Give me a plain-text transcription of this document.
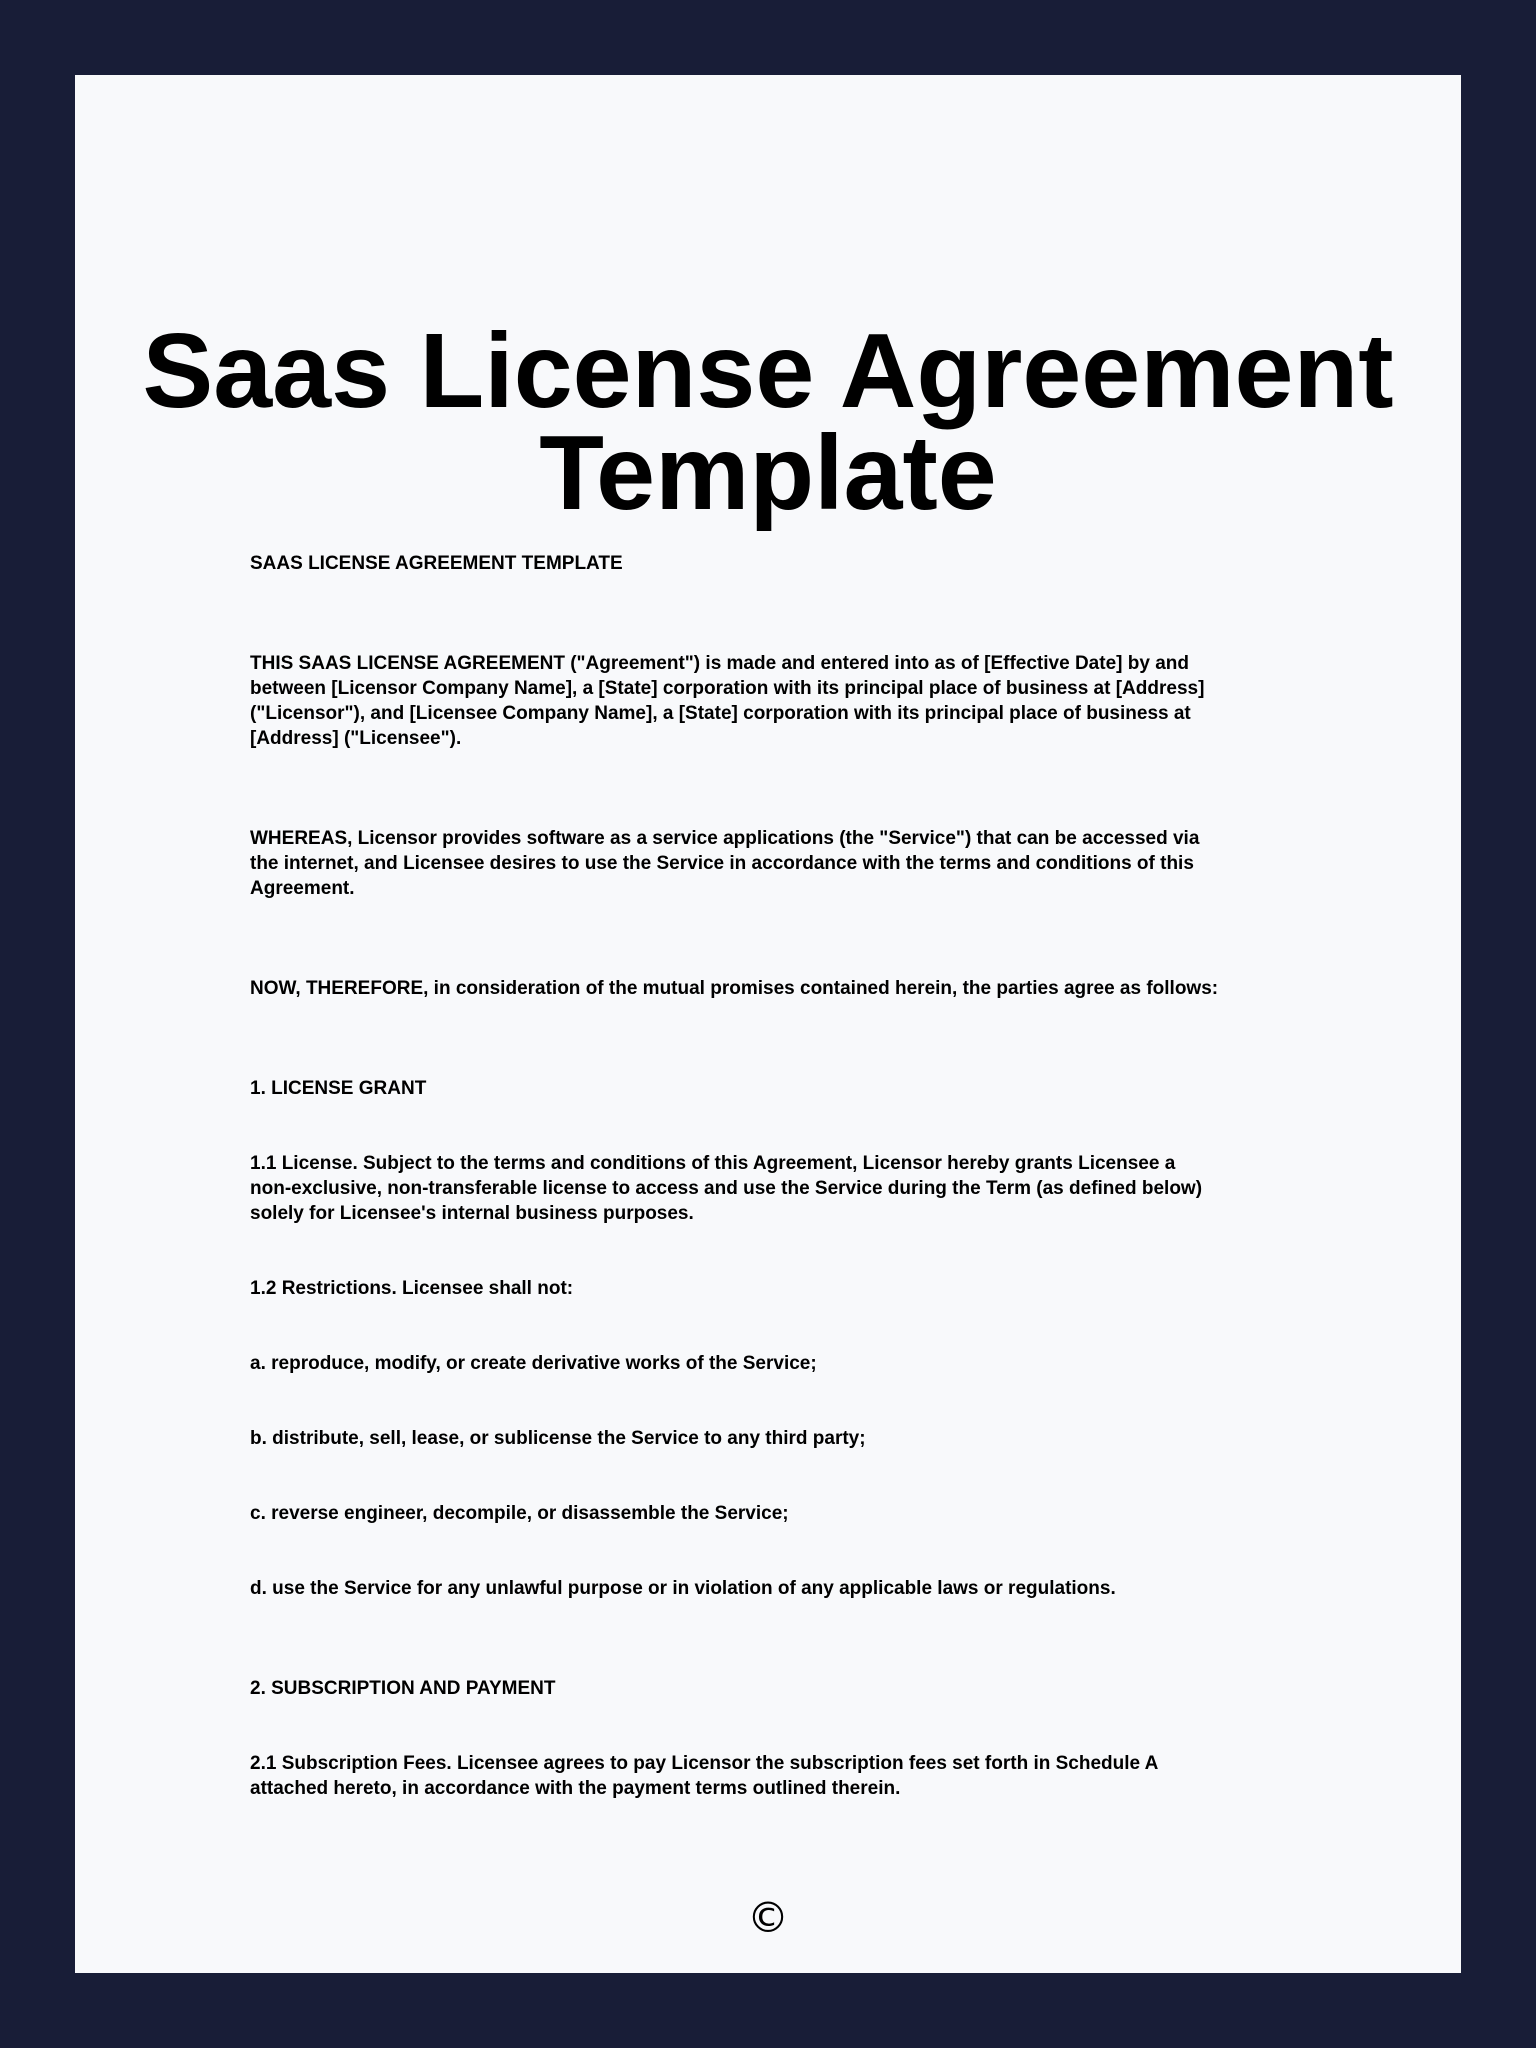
Saas License Agreement
Template

SAAS LICENSE AGREEMENT TEMPLATE

THIS SAAS LICENSE AGREEMENT ("Agreement") is made and entered into as of [Effective Date] by and
between [Licensor Company Name], a [State] corporation with its principal place of business at [Address]
("Licensor"), and [Licensee Company Name], a [State] corporation with its principal place of business at
[Address] ("Licensee").

WHEREAS, Licensor provides software as a service applications (the "Service") that can be accessed via
the internet, and Licensee desires to use the Service in accordance with the terms and conditions of this
Agreement.

NOW, THEREFORE, in consideration of the mutual promises contained herein, the parties agree as follows:

1. LICENSE GRANT

1.1 License. Subject to the terms and conditions of this Agreement, Licensor hereby grants Licensee a
non-exclusive, non-transferable license to access and use the Service during the Term (as defined below)
solely for Licensee's internal business purposes.

1.2 Restrictions. Licensee shall not:

a. reproduce, modify, or create derivative works of the Service;

b. distribute, sell, lease, or sublicense the Service to any third party;

c. reverse engineer, decompile, or disassemble the Service;

d. use the Service for any unlawful purpose or in violation of any applicable laws or regulations.

2. SUBSCRIPTION AND PAYMENT

2.1 Subscription Fees. Licensee agrees to pay Licensor the subscription fees set forth in Schedule A
attached hereto, in accordance with the payment terms outlined therein.

©
